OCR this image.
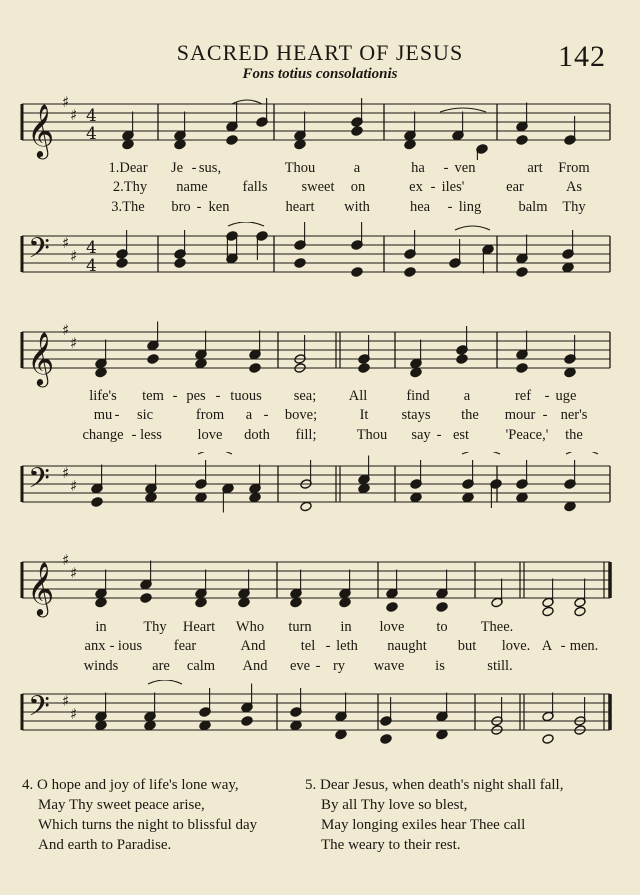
SACRED HEART OF JESUS
Fons totius consolationis
142
𝄞
♯
♯ 4
4
1.Dear Je - sus,	Thou	a	ha - ven	art From
2.Thy name falls sweet on	ex - iles'	ear	As
3.The bro - ken	heart with	hea - ling	balm Thy
𝄢 ♯
♯ 4
4
𝄞
♯
♯
life's tem - pes - tuous sea; All	find a	ref - uge
mu - sic	from a - bove;	It stays the mour - ner's
change - less love doth fill;	Thou say - est	'Peace,' the
𝄢 ♯
♯
𝄞
♯
♯
in	Thy Heart Who turn in love to Thee.
anx - ious fear	And tel - leth naught but love. A - men.
winds are calm And eve - ry wave is	still.
𝄢 ♯
♯
4. O hope and joy of life's lone way,
May Thy sweet peace arise,
Which turns the night to blissful day
And earth to Paradise.
5. Dear Jesus, when death's night shall fall,
By all Thy love so blest,
May longing exiles hear Thee call
The weary to their rest.
